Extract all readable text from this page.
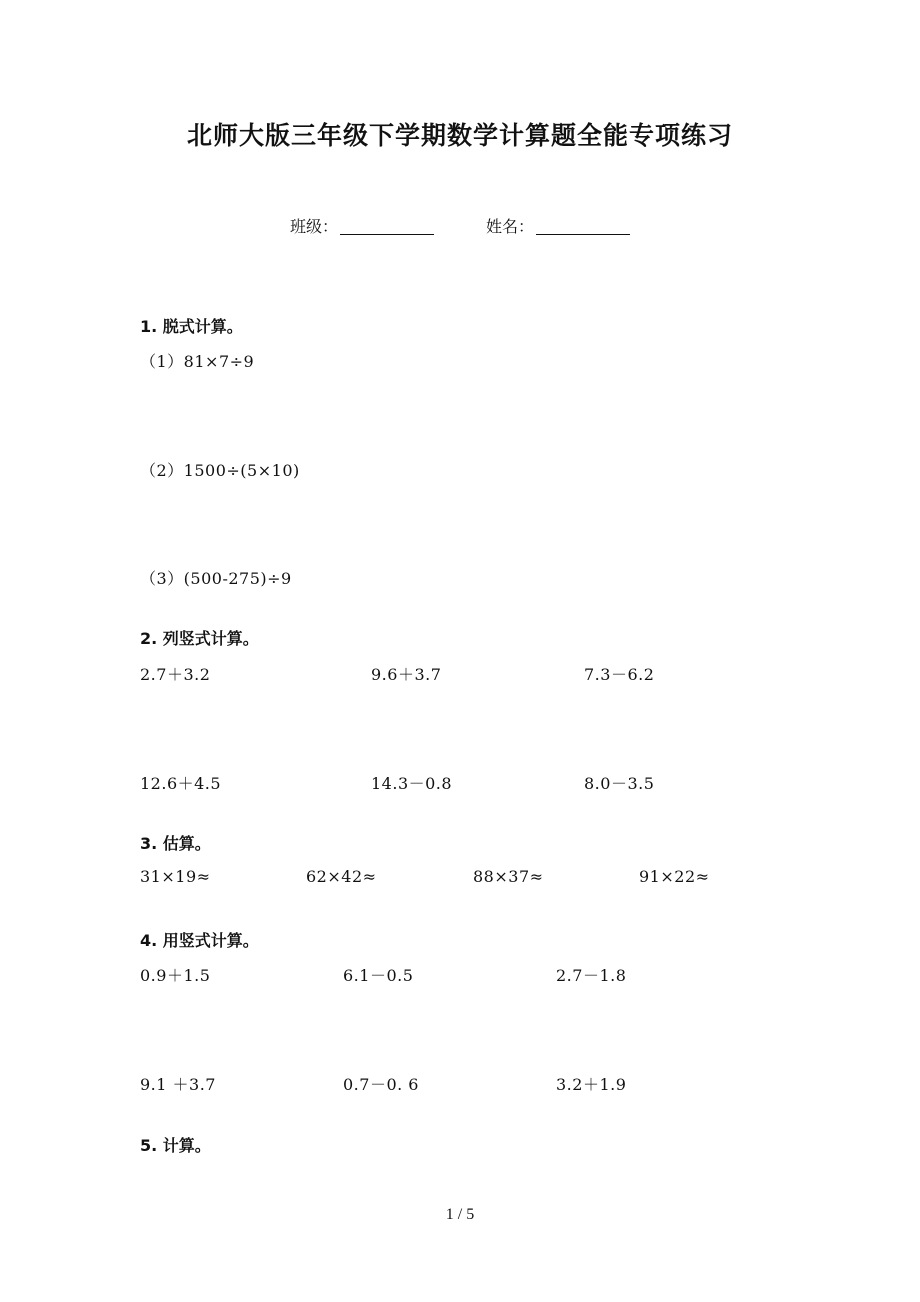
北师大版三年级下学期数学计算题全能专项练习
班级：	姓名：
1. 脱式计算。
（1）81×7÷9
（2）1500÷(5×10)
（3）(500-275)÷9
2. 列竖式计算。
2.7＋3.2	9.6＋3.7	7.3－6.2
12.6＋4.5	14.3－0.8	8.0－3.5
3. 估算。
31×19≈	62×42≈	88×37≈	91×22≈
4. 用竖式计算。
0.9＋1.5	6.1－0.5	2.7－1.8
9.1 ＋3.7	0.7－0. 6	3.2＋1.9
5. 计算。
1 / 5
